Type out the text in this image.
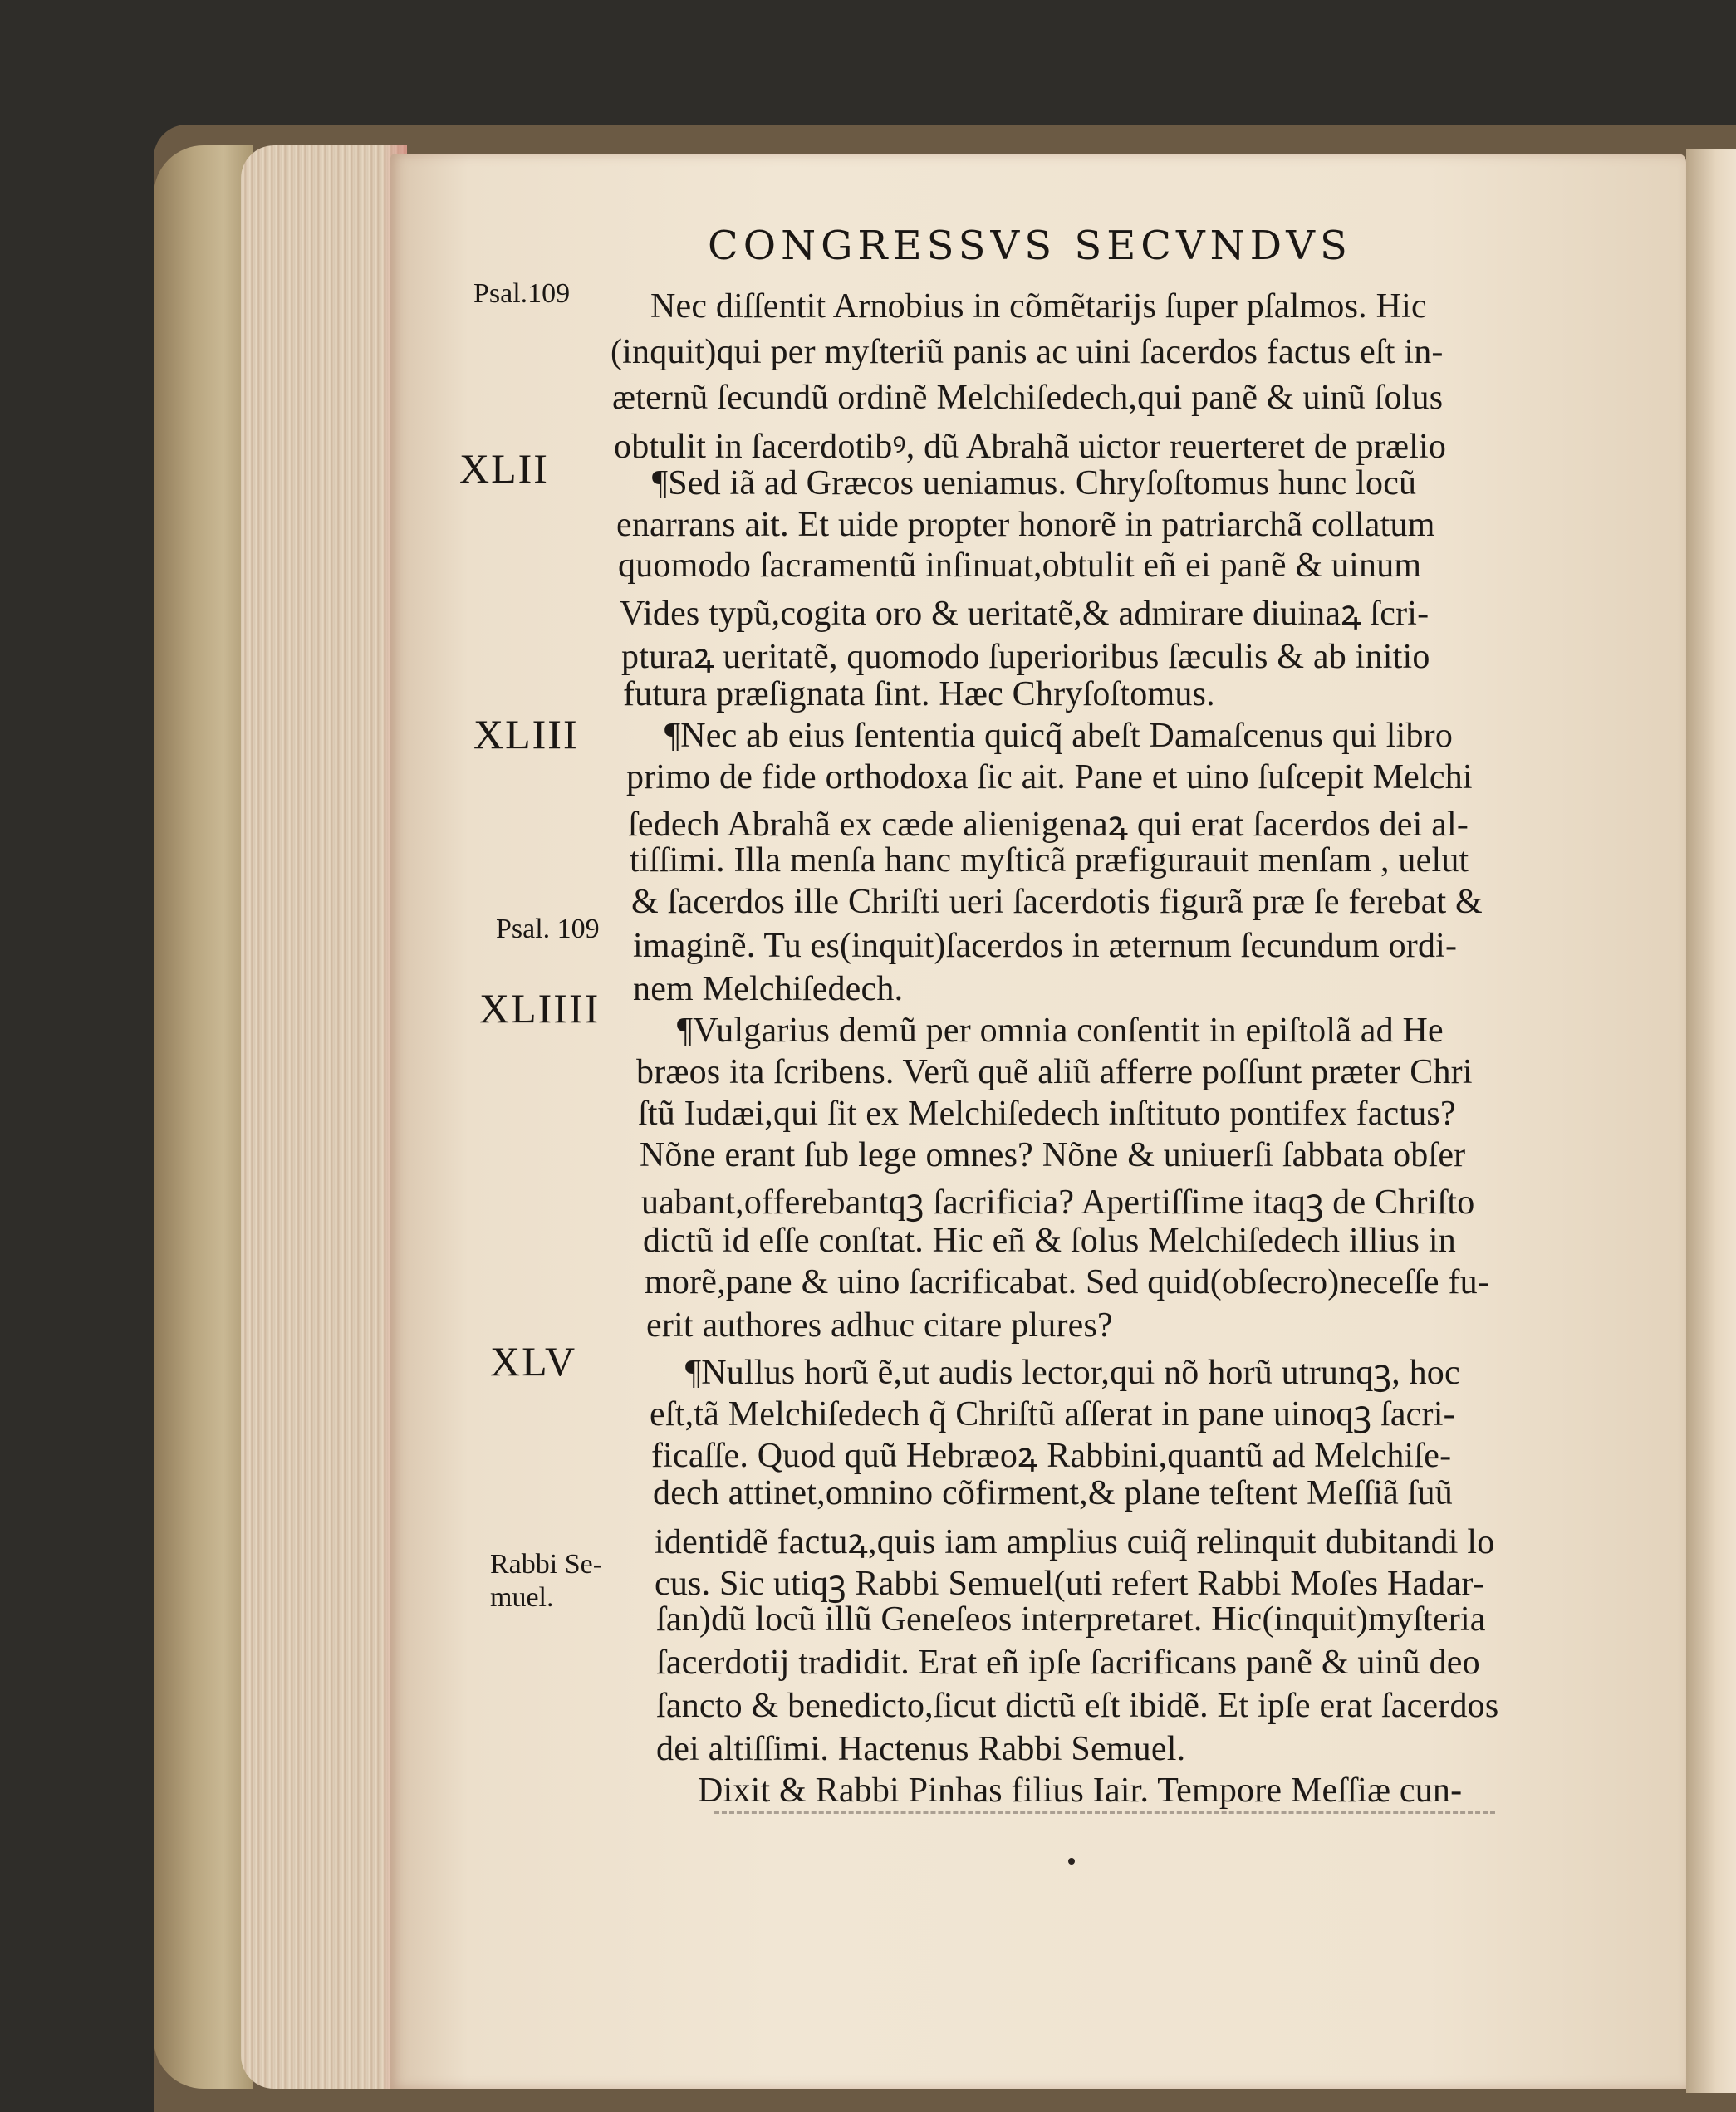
CONGRESSVS SECVNDVS
Psal.109
XLII
XLIII
Psal. 109
XLIIII
XLV
Rabbi Se-
muel.
Nec diſſentit Arnobius in cõmẽtarijs ſuper pſalmos. Hic
(inquit)qui per myſteriũ panis ac uini ſacerdos factus eſt in-
æternũ ſecundũ ordinẽ Melchiſedech,qui panẽ & uinũ ſolus
obtulit in ſacerdotibꝰ, dũ Abrahã uictor reuerteret de prælio
¶Sed iã ad Græcos ueniamus. Chryſoſtomus hunc locũ
enarrans ait. Et uide propter honorẽ in patriarchã collatum
quomodo ſacramentũ inſinuat,obtulit eñ ei panẽ & uinum
Vides typũ,cogita oro & ueritatẽ,& admirare diuinaꝝ ſcri-
pturaꝝ ueritatẽ, quomodo ſuperioribus ſæculis & ab initio
futura præſignata ſint. Hæc Chryſoſtomus.
¶Nec ab eius ſententia quicq̃ abeſt Damaſcenus qui libro
primo de fide orthodoxa ſic ait. Pane et uino ſuſcepit Melchi
ſedech Abrahã ex cæde alienigenaꝝ qui erat ſacerdos dei al-
tiſſimi. Illa menſa hanc myſticã præfigurauit menſam , uelut
& ſacerdos ille Chriſti ueri ſacerdotis figurã præ ſe ferebat &
imaginẽ. Tu es(inquit)ſacerdos in æternum ſecundum ordi-
nem Melchiſedech.
¶Vulgarius demũ per omnia conſentit in epiſtolã ad He
bræos ita ſcribens. Verũ quẽ aliũ afferre poſſunt præter Chri
ſtũ Iudæi,qui ſit ex Melchiſedech inſtituto pontifex factus?
Nõne erant ſub lege omnes? Nõne & uniuerſi ſabbata obſer
uabant,offerebantqꝫ ſacrificia? Apertiſſime itaqꝫ de Chriſto
dictũ id eſſe conſtat. Hic eñ & ſolus Melchiſedech illius in
morẽ,pane & uino ſacrificabat. Sed quid(obſecro)neceſſe fu-
erit authores adhuc citare plures?
¶Nullus horũ ẽ,ut audis lector,qui nõ horũ utrunqꝫ, hoc
eſt,tã Melchiſedech q̃ Chriſtũ aſſerat in pane uinoqꝫ ſacri-
ficaſſe. Quod quũ Hebræoꝝ Rabbini,quantũ ad Melchiſe-
dech attinet,omnino cõfirment,& plane teſtent Meſſiã ſuũ
identidẽ factuꝝ,quis iam amplius cuiq̃ relinquit dubitandi lo
cus. Sic utiqꝫ Rabbi Semuel(uti refert Rabbi Moſes Hadar-
ſan)dũ locũ illũ Geneſeos interpretaret. Hic(inquit)myſteria
ſacerdotij tradidit. Erat eñ ipſe ſacrificans panẽ & uinũ deo
ſancto & benedicto,ſicut dictũ eſt ibidẽ. Et ipſe erat ſacerdos
dei altiſſimi. Hactenus Rabbi Semuel.
Dixit & Rabbi Pinhas filius Iair. Tempore Meſſiæ cun-
